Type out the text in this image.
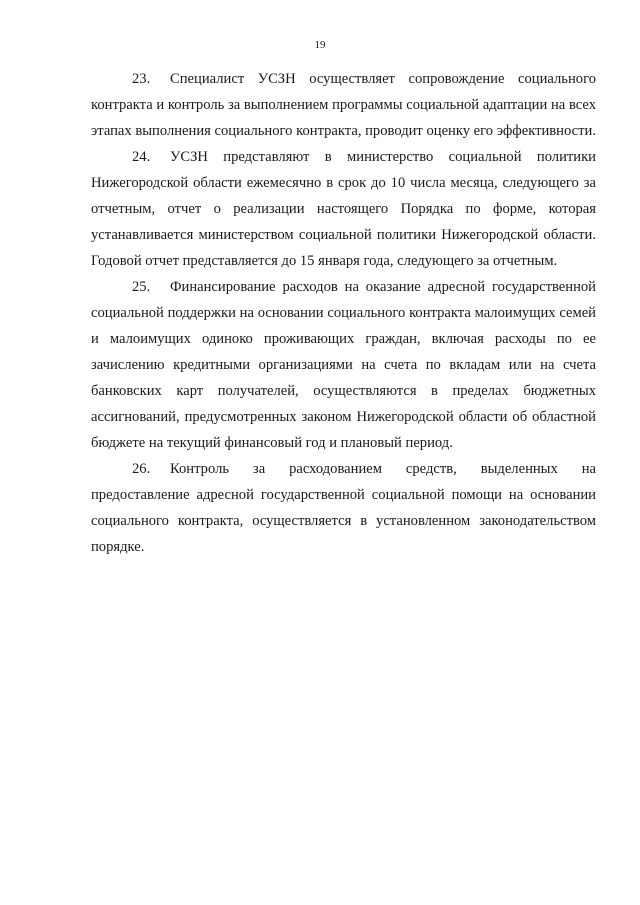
19

23. Специалист УСЗН осуществляет сопровождение социального контракта и контроль за выполнением программы социальной адаптации на всех этапах выполнения социального контракта, проводит оценку его эффективности.

24. УСЗН представляют в министерство социальной политики Нижегородской области ежемесячно в срок до 10 числа месяца, следующего за отчетным, отчет о реализации настоящего Порядка по форме, которая устанавливается министерством социальной политики Нижегородской области. Годовой отчет представляется до 15 января года, следующего за отчетным.

25. Финансирование расходов на оказание адресной государственной социальной поддержки на основании социального контракта малоимущих семей и малоимущих одиноко проживающих граждан, включая расходы по ее зачислению кредитными организациями на счета по вкладам или на счета банковских карт получателей, осуществляются в пределах бюджетных ассигнований, предусмотренных законом Нижегородской области об областной бюджете на текущий финансовый год и плановый период.

26. Контроль за расходованием средств, выделенных на предоставление адресной государственной социальной помощи на основании социального контракта, осуществляется в установленном законодательством порядке.
